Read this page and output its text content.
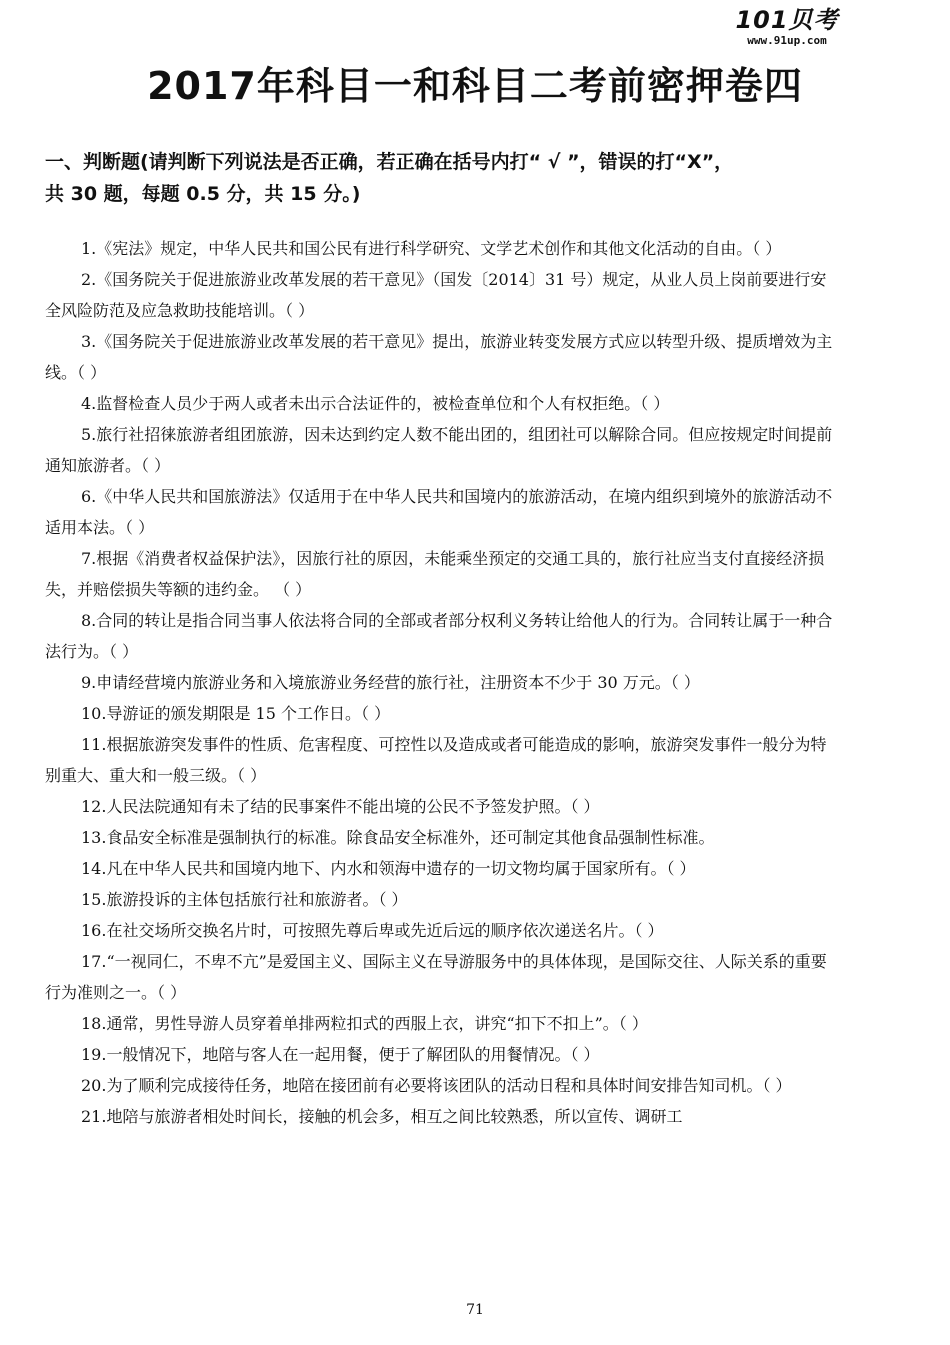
101贝考
www.91up.com
2017年科目一和科目二考前密押卷四
一、判断题(请判断下列说法是否正确，若正确在括号内打“ √ ”，错误的打“X”，
共 30 题，每题 0.5 分，共 15 分。)

1.《宪法》规定，中华人民共和国公民有进行科学研究、文学艺术创作和其他文化活动的自由。（ ）

2.《国务院关于促进旅游业改革发展的若干意见》（国发〔2014〕31 号）规定，从业人员上岗前要进行安全风险防范及应急救助技能培训。（ ）

3.《国务院关于促进旅游业改革发展的若干意见》提出，旅游业转变发展方式应以转型升级、提质增效为主线。（ ）

4.监督检查人员少于两人或者未出示合法证件的，被检查单位和个人有权拒绝。（ ）

5.旅行社招徕旅游者组团旅游，因未达到约定人数不能出团的，组团社可以解除合同。但应按规定时间提前通知旅游者。（ ）

6.《中华人民共和国旅游法》仅适用于在中华人民共和国境内的旅游活动，在境内组织到境外的旅游活动不适用本法。（ ）

7.根据《消费者权益保护法》，因旅行社的原因，未能乘坐预定的交通工具的，旅行社应当支付直接经济损失，并赔偿损失等额的违约金。 （ ）

8.合同的转让是指合同当事人依法将合同的全部或者部分权利义务转让给他人的行为。合同转让属于一种合法行为。（ ）

9.申请经营境内旅游业务和入境旅游业务经营的旅行社，注册资本不少于 30 万元。（ ）

10.导游证的颁发期限是 15 个工作日。（ ）

11.根据旅游突发事件的性质、危害程度、可控性以及造成或者可能造成的影响，旅游突发事件一般分为特别重大、重大和一般三级。（ ）

12.人民法院通知有未了结的民事案件不能出境的公民不予签发护照。（ ）

13.食品安全标准是强制执行的标准。除食品安全标准外，还可制定其他食品强制性标准。

14.凡在中华人民共和国境内地下、内水和领海中遗存的一切文物均属于国家所有。（ ）

15.旅游投诉的主体包括旅行社和旅游者。（ ）

16.在社交场所交换名片时，可按照先尊后卑或先近后远的顺序依次递送名片。（ ）

17.“一视同仁，不卑不亢”是爱国主义、国际主义在导游服务中的具体体现，是国际交往、人际关系的重要行为准则之一。（ ）

18.通常，男性导游人员穿着单排两粒扣式的西服上衣，讲究“扣下不扣上”。（ ）

19.一般情况下，地陪与客人在一起用餐，便于了解团队的用餐情况。（ ）

20.为了顺利完成接待任务，地陪在接团前有必要将该团队的活动日程和具体时间安排告知司机。（ ）

21.地陪与旅游者相处时间长，接触的机会多，相互之间比较熟悉，所以宣传、调研工

71
